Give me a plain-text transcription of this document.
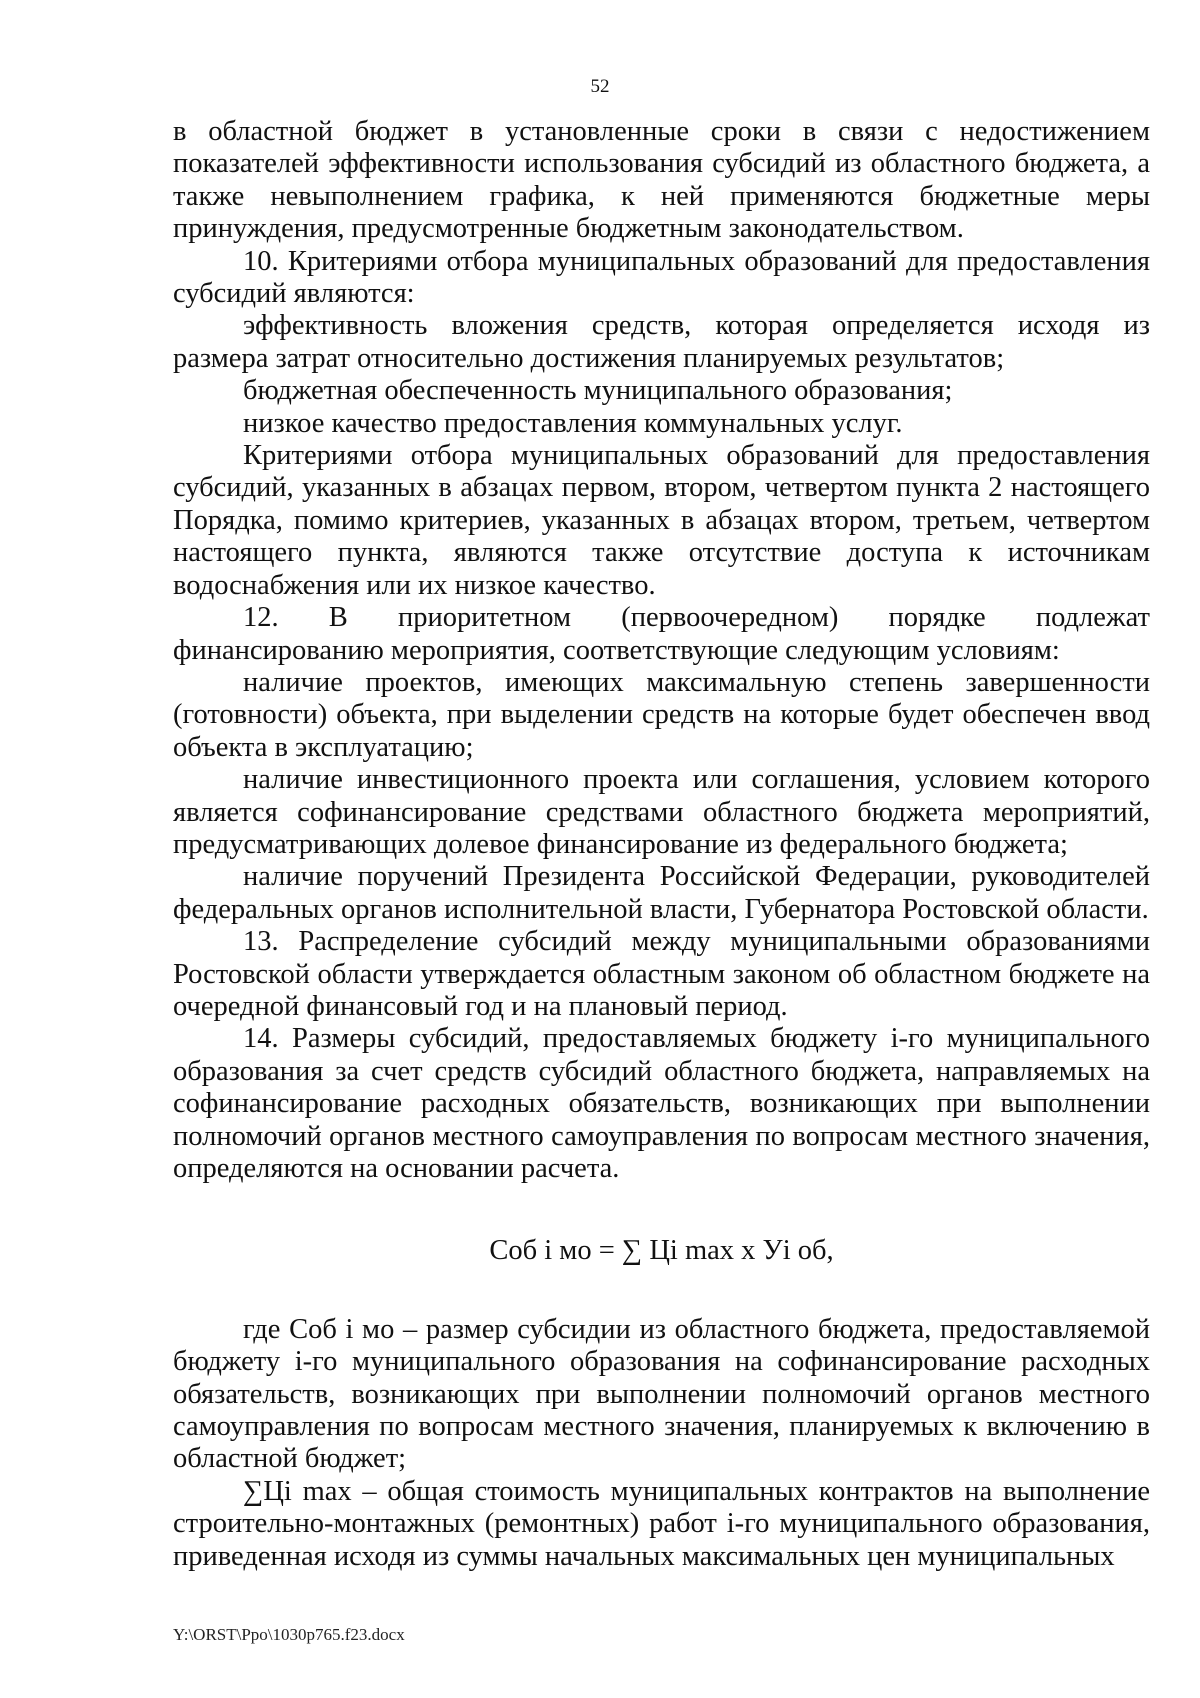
52

в областной бюджет в установленные сроки в связи с недостижением показателей эффективности использования субсидий из областного бюджета, а также невыполнением графика, к ней применяются бюджетные меры принуждения, предусмотренные бюджетным законодательством.

10. Критериями отбора муниципальных образований для предоставления субсидий являются:

эффективность вложения средств, которая определяется исходя из размера затрат относительно достижения планируемых результатов;

бюджетная обеспеченность муниципального образования;

низкое качество предоставления коммунальных услуг.

Критериями отбора муниципальных образований для предоставления субсидий, указанных в абзацах первом, втором, четвертом пункта 2 настоящего Порядка, помимо критериев, указанных в абзацах втором, третьем, четвертом настоящего пункта, являются также отсутствие доступа к источникам водоснабжения или их низкое качество.

12. В приоритетном (первоочередном) порядке подлежат финансированию мероприятия, соответствующие следующим условиям:

наличие проектов, имеющих максимальную степень завершенности (готовности) объекта, при выделении средств на которые будет обеспечен ввод объекта в эксплуатацию;

наличие инвестиционного проекта или соглашения, условием которого является софинансирование средствами областного бюджета мероприятий, предусматривающих долевое финансирование из федерального бюджета;

наличие поручений Президента Российской Федерации, руководителей федеральных органов исполнительной власти, Губернатора Ростовской области.

13. Распределение субсидий между муниципальными образованиями Ростовской области утверждается областным законом об областном бюджете на очередной финансовый год и на плановый период.

14. Размеры субсидий, предоставляемых бюджету i-го муниципального образования за счет средств субсидий областного бюджета, направляемых на софинансирование расходных обязательств, возникающих при выполнении полномочий органов местного самоуправления по вопросам местного значения, определяются на основании расчета.

Соб i мо = ∑ Цi max х Уi об,

где Соб i мо – размер субсидии из областного бюджета, предоставляемой бюджету i-го муниципального образования на софинансирование расходных обязательств, возникающих при выполнении полномочий органов местного самоуправления по вопросам местного значения, планируемых к включению в областной бюджет;

∑Цi max – общая стоимость муниципальных контрактов на выполнение строительно-монтажных (ремонтных) работ i-го муниципального образования, приведенная исходя из суммы начальных максимальных цен муниципальных

Y:\ORST\Ppo\1030p765.f23.docx
